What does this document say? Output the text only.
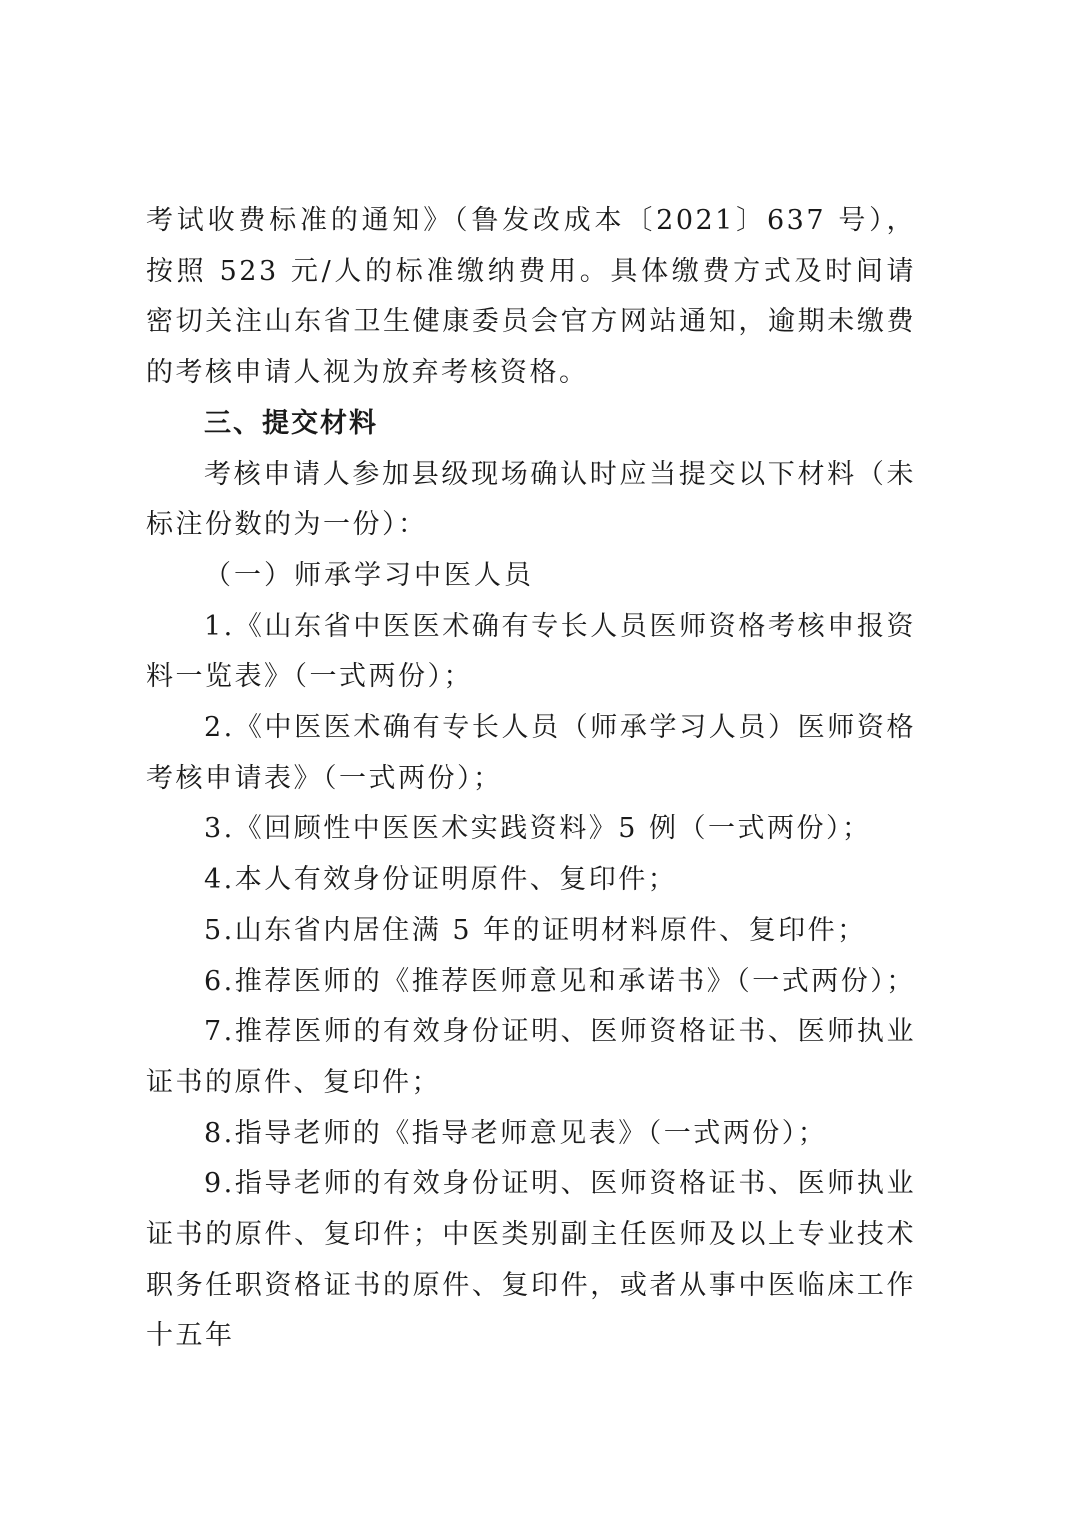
考试收费标准的通知》（鲁发改成本〔2021〕637 号），按照 523 元/人的标准缴纳费用。具体缴费方式及时间请密切关注山东省卫生健康委员会官方网站通知，逾期未缴费的考核申请人视为放弃考核资格。

三、提交材料

考核申请人参加县级现场确认时应当提交以下材料（未标注份数的为一份）：

（一）师承学习中医人员

1.《山东省中医医术确有专长人员医师资格考核申报资料一览表》（一式两份）；

2.《中医医术确有专长人员（师承学习人员）医师资格考核申请表》（一式两份）；

3.《回顾性中医医术实践资料》5 例（一式两份）；

4.本人有效身份证明原件、复印件；

5.山东省内居住满 5 年的证明材料原件、复印件；

6.推荐医师的《推荐医师意见和承诺书》（一式两份）；

7.推荐医师的有效身份证明、医师资格证书、医师执业证书的原件、复印件；

8.指导老师的《指导老师意见表》（一式两份）；

9.指导老师的有效身份证明、医师资格证书、医师执业证书的原件、复印件；中医类别副主任医师及以上专业技术职务任职资格证书的原件、复印件，或者从事中医临床工作十五年
